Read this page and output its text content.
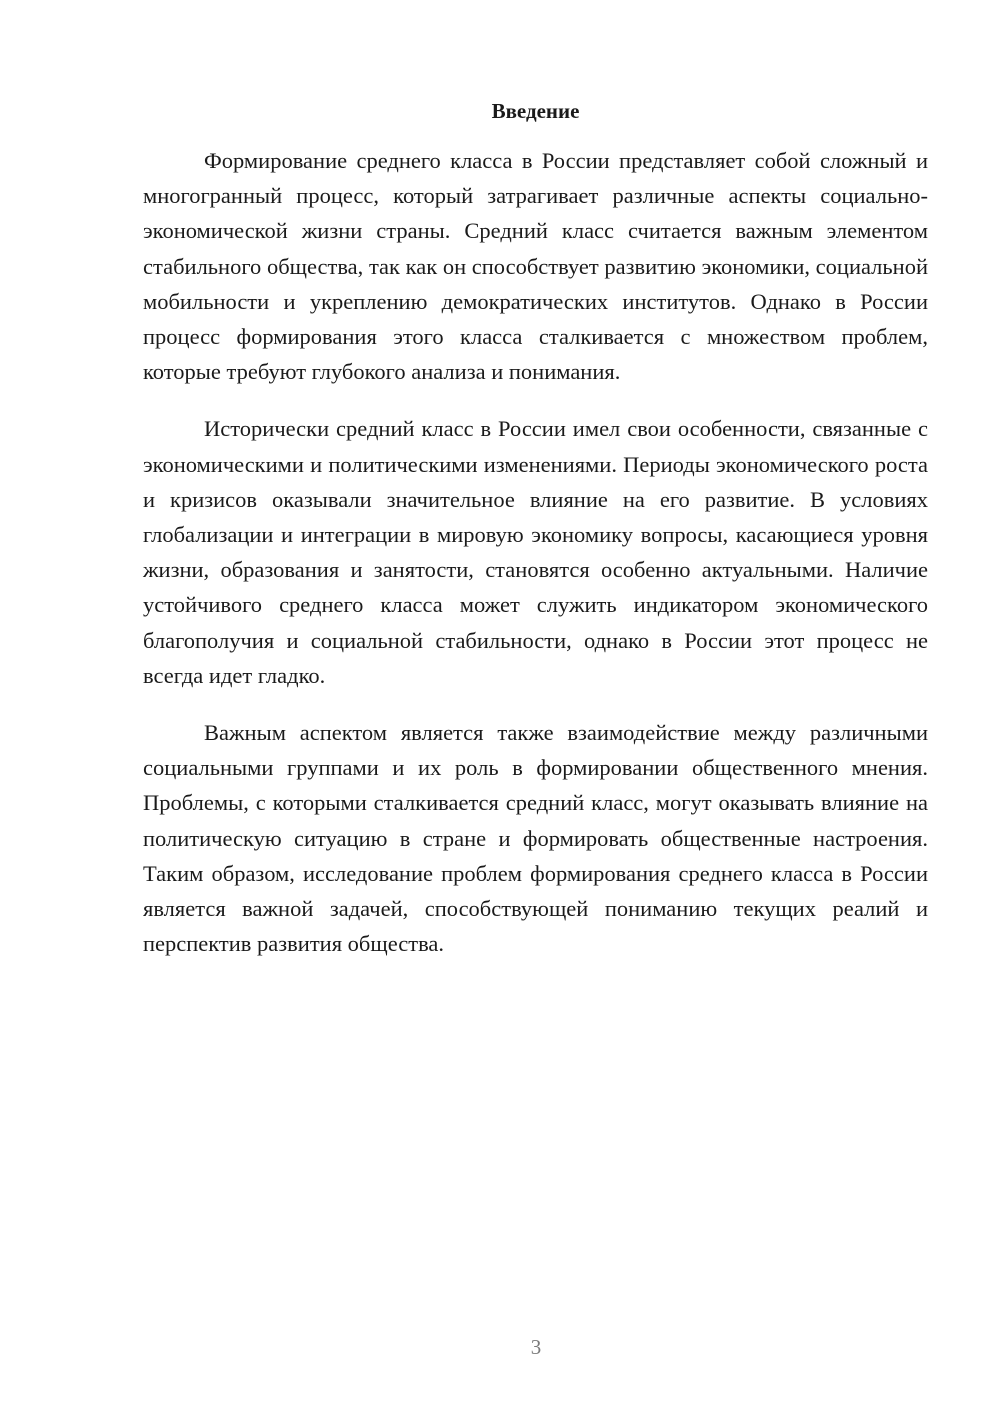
Введение

Формирование среднего класса в России представляет собой сложный и многогранный процесс, который затрагивает различные аспекты социально-экономической жизни страны. Средний класс считается важным элементом стабильного общества, так как он способствует развитию экономики, социальной мобильности и укреплению демократических институтов. Однако в России процесс формирования этого класса сталкивается с множеством проблем, которые требуют глубокого анализа и понимания.

Исторически средний класс в России имел свои особенности, связанные с экономическими и политическими изменениями. Периоды экономического роста и кризисов оказывали значительное влияние на его развитие. В условиях глобализации и интеграции в мировую экономику вопросы, касающиеся уровня жизни, образования и занятости, становятся особенно актуальными. Наличие устойчивого среднего класса может служить индикатором экономического благополучия и социальной стабильности, однако в России этот процесс не всегда идет гладко.

Важным аспектом является также взаимодействие между различными социальными группами и их роль в формировании общественного мнения. Проблемы, с которыми сталкивается средний класс, могут оказывать влияние на политическую ситуацию в стране и формировать общественные настроения. Таким образом, исследование проблем формирования среднего класса в России является важной задачей, способствующей пониманию текущих реалий и перспектив развития общества.

3
